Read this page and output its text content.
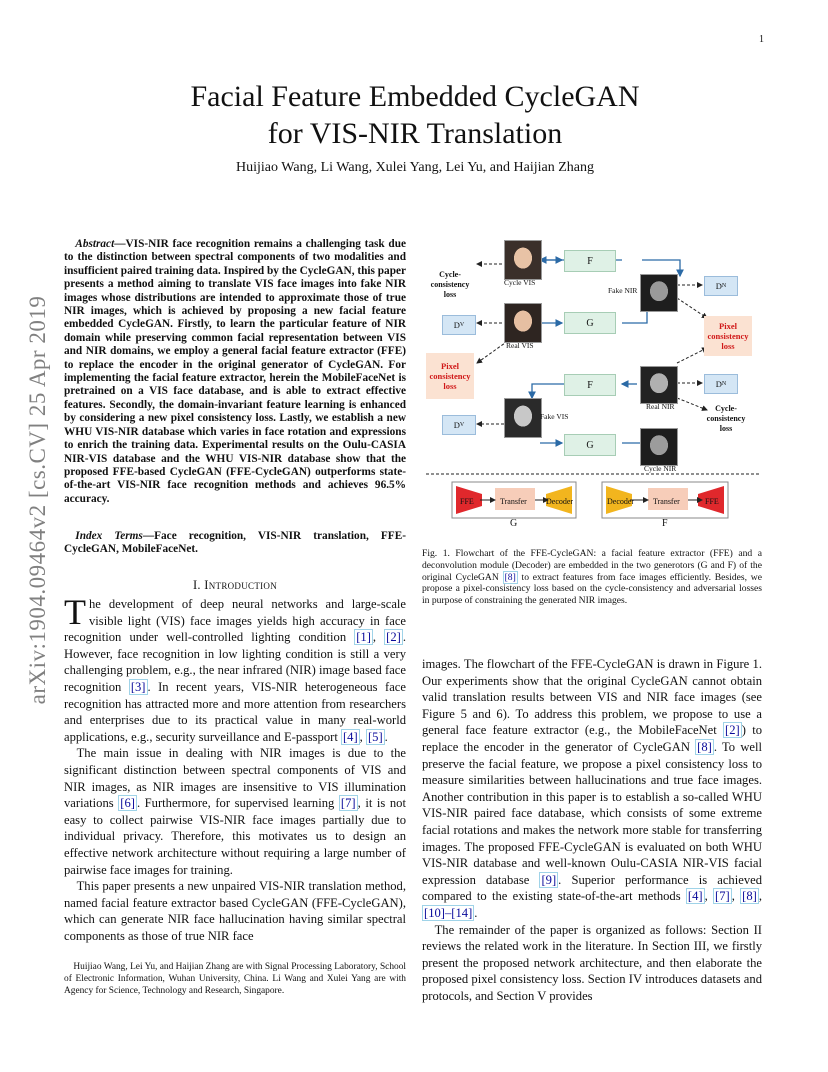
1
arXiv:1904.09464v2 [cs.CV] 25 Apr 2019
Facial Feature Embedded CycleGAN
for VIS-NIR Translation
Huijiao Wang, Li Wang, Xulei Yang, Lei Yu, and Haijian Zhang
Abstract—VIS-NIR face recognition remains a challenging task due to the distinction between spectral components of two modalities and insufficient paired training data. Inspired by the CycleGAN, this paper presents a method aiming to translate VIS face images into fake NIR images whose distributions are intended to approximate those of true NIR images, which is achieved by proposing a new facial feature embedded CycleGAN. Firstly, to learn the particular feature of NIR domain while preserving common facial representation between VIS and NIR domains, we employ a general facial feature extractor (FFE) to replace the encoder in the original generator of CycleGAN. For implementing the facial feature extractor, herein the MobileFaceNet is pretrained on a VIS face database, and is able to extract effective features. Secondly, the domain-invariant feature learning is enhanced by considering a new pixel consistency loss. Lastly, we establish a new WHU VIS-NIR database which varies in face rotation and expressions to enrich the training data. Experimental results on the Oulu-CASIA NIR-VIS database and the WHU VIS-NIR database show that the proposed FFE-based CycleGAN (FFE-CycleGAN) outperforms state-of-the-art VIS-NIR face recognition methods and achieves 96.5% accuracy.
Index Terms—Face recognition, VIS-NIR translation, FFE-CycleGAN, MobileFaceNet.
I. Introduction

The development of deep neural networks and large-scale visible light (VIS) face images yields high accuracy in face recognition under well-controlled lighting condition [1] , [2] . However, face recognition in low lighting condition is still a very challenging problem, e.g., the near infrared (NIR) image based face recognition [3] . In recent years, VIS-NIR heterogeneous face recognition has attracted more and more attention from researchers and enterprises due to its practical value in many real-world applications, e.g., security surveillance and E-passport [4] , [5] .

The main issue in dealing with NIR images is due to the significant distinction between spectral components of VIS and NIR images, as NIR images are insensitive to VIS illumination variations [6] . Furthermore, for supervised learning [7] , it is not easy to collect pairwise VIS-NIR face images partially due to individual privacy. Therefore, this motivates us to design an effective network architecture without requiring a large number of pairwise face images for training.

This paper presents a new unpaired VIS-NIR translation method, named facial feature extractor based CycleGAN (FFE-CycleGAN), which can generate NIR face hallucination having similar spectral components as those of true NIR face

Huijiao Wang, Lei Yu, and Haijian Zhang are with Signal Processing Laboratory, School of Electronic Information, Wuhan University, China. Li Wang and Xulei Yang are with Agency for Science, Technology and Research, Singapore.
F
G
F
G
D N
D V
D N
D V
Pixel
consistency
loss
Pixel
consistency
loss
Cycle-
consistency
loss
Cycle-
consistency
loss
Cycle VIS
Fake NIR
Real VIS
Real NIR
Fake VIS
Cycle NIR
FFE	Transfer Decoder
G
Decoder Transfer	FFE
F
Fig. 1. Flowchart of the FFE-CycleGAN: a facial feature extractor (FFE) and a deconvolution module (Decoder) are embedded in the two generotors (G and F) of the original CycleGAN [8] to extract features from face images efficiently. Besides, we propose a pixel-consistency loss based on the cycle-consistency and adversarial losses in purpose of constraining the generated NIR images.

images. The flowchart of the FFE-CycleGAN is drawn in Figure 1. Our experiments show that the original CycleGAN cannot obtain valid translation results between VIS and NIR face images (see Figure 5 and 6). To address this problem, we propose to use a general face feature extractor (e.g., the MobileFaceNet [2] ) to replace the encoder in the generator of CycleGAN [8] . To well preserve the facial feature, we propose a pixel consistency loss to measure similarities between hallucinations and true face images. Another contribution in this paper is to establish a so-called WHU VIS-NIR paired face database, which consists of some extreme facial rotations and makes the network more stable for transferring images. The proposed FFE-CycleGAN is evaluated on both WHU VIS-NIR database and well-known Oulu-CASIA NIR-VIS facial expression database [9] . Superior performance is achieved compared to the existing state-of-the-art methods [4] , [7] , [8] , [10]–[14] .

The remainder of the paper is organized as follows: Section II reviews the related work in the literature. In Section III, we firstly present the proposed network architecture, and then elaborate the proposed pixel consistency loss. Section IV introduces datasets and protocols, and Section V provides
